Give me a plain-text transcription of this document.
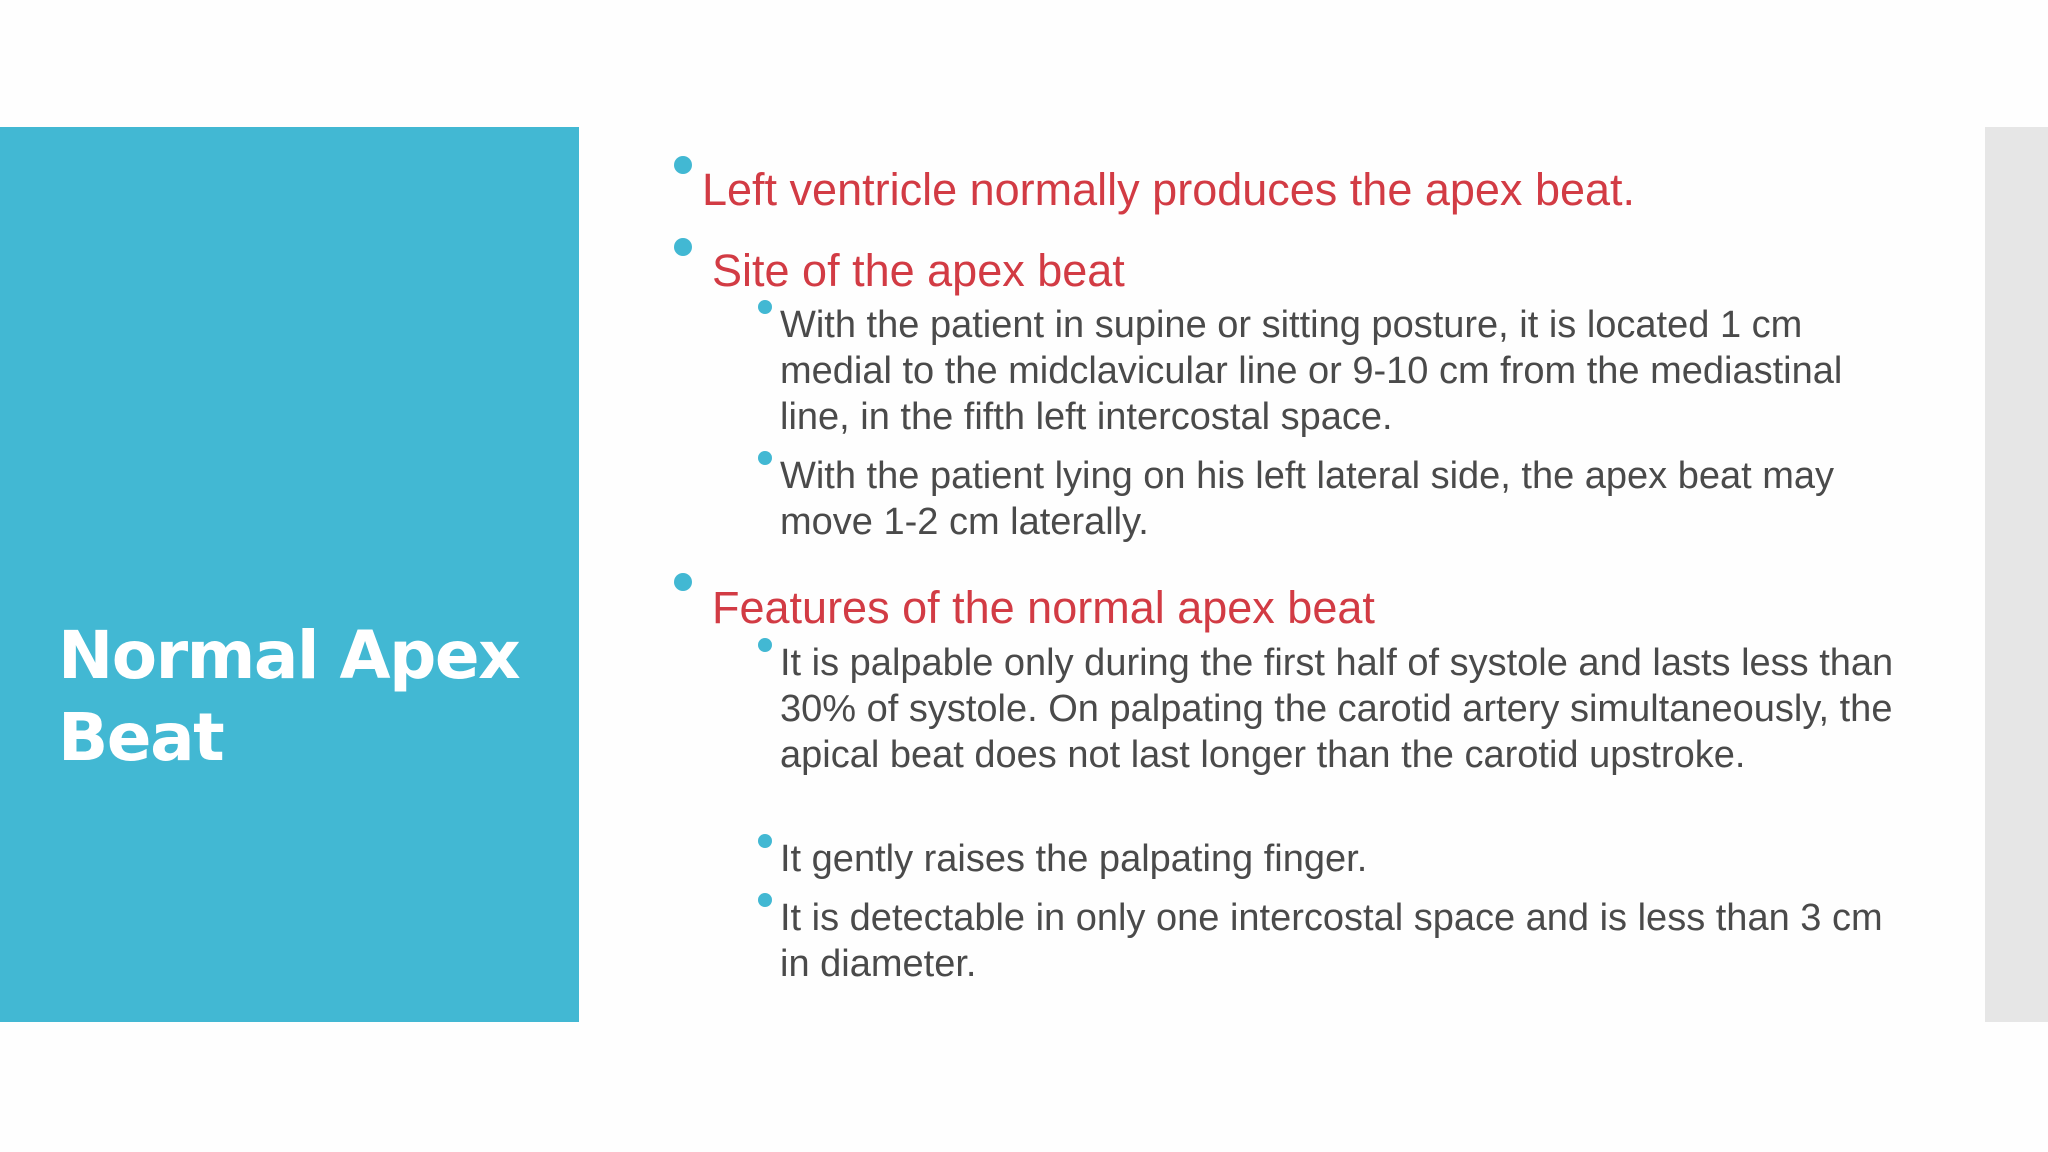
Normal Apex Beat
Left ventricle normally produces the apex beat.
Site of the apex beat
With the patient in supine or sitting posture, it is located 1 cm medial to the midclavicular line or 9-10 cm from the mediastinal line, in the fifth left intercostal space.
With the patient lying on his left lateral side, the apex beat may move 1-2 cm laterally.
Features of the normal apex beat
It is palpable only during the first half of systole and lasts less than 30% of systole. On palpating the carotid artery simultaneously, the apical beat does not last longer than the carotid upstroke.
It gently raises the palpating finger.
It is detectable in only one intercostal space and is less than 3 cm in diameter.
